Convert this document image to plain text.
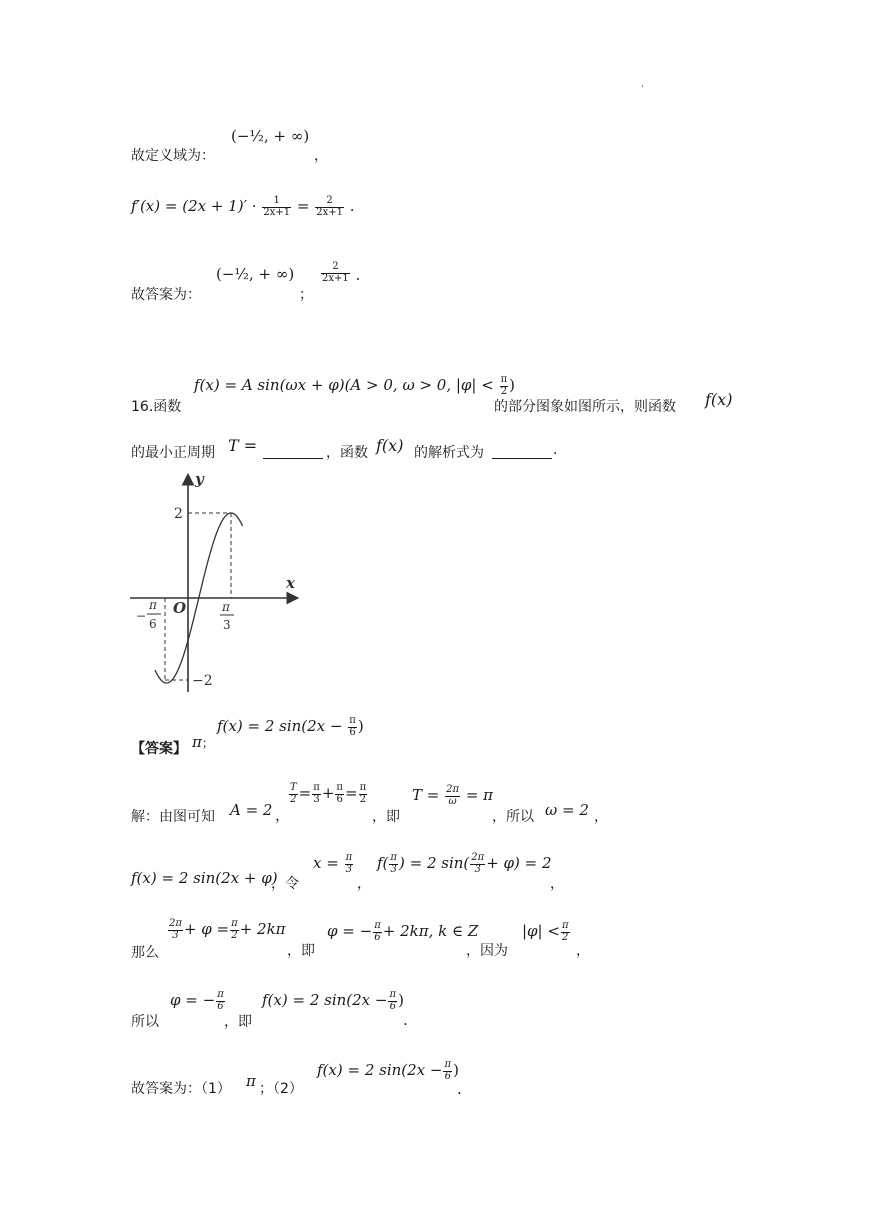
·
故定义域为：
(−½, + ∞)
，
$f'(x) = (2x + 1)' \cdot \frac{1}{2x+1} = \frac{2}{2x+1}$ .
故答案为：
(−½, + ∞)
；
$\frac{2}{2x+1}$ .
16.函数
f(x) = A sin(ωx + φ)(A > 0, ω > 0, $|\varphi| < \frac{\pi}{2}$ )
的部分图象如图所示，则函数 f(x)
的最小正周期 T =	，函数 f(x) 的解析式为	.
y
x
O
2
−2
π
3
−
π
6
【答案】 π；
f(x) = 2 $\sin(2x - \frac{\pi}{6}$ )
解：由图可知 A = 2 ，
$\frac{T}{2} = \frac{\pi}{3} + \frac{\pi}{6} = \frac{\pi}{2}$
，即
$T = \frac{2\pi}{\omega} = \pi$
，所以 ω = 2 ，
f(x) = 2 sin(2x + φ)
，令
$x = \frac{\pi}{3}$
，
$f( \frac{\pi}{3}$ ) = 2 $\sin( \frac{2\pi}{3} + \varphi) = 2$
，
那么
$\frac{2\pi}{3} + \varphi = \frac{\pi}{2} + 2k\pi$
，即
φ = − $\frac{\pi}{6} + 2k\pi$, k ∈ Z
，因为
$|\varphi| < \frac{\pi}{2}$
，
所以
φ = − $\frac{\pi}{6}$
，即
f(x) = 2 $\sin(2x - \frac{\pi}{6}$ )
.
故答案为：（1） π ；（2）
f(x) = 2 $\sin(2x - \frac{\pi}{6}$ )
.
